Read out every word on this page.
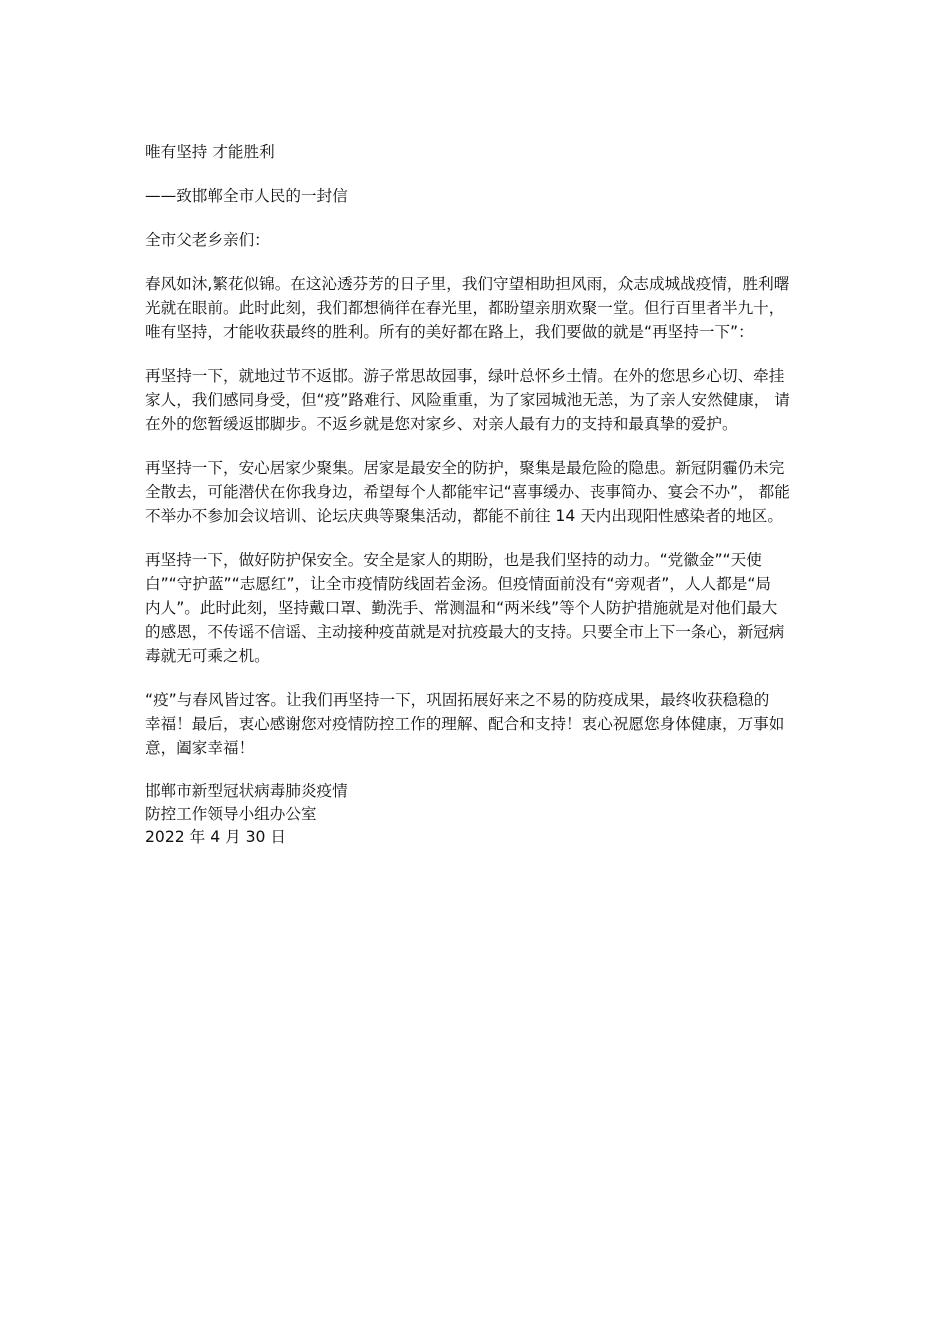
唯有坚持 才能胜利
——致邯郸全市人民的一封信
全市父老乡亲们：
春风如沐,繁花似锦。在这沁透芬芳的日子里，我们守望相助担风雨，众志成城战疫情，胜利曙
光就在眼前。此时此刻，我们都想徜徉在春光里，都盼望亲朋欢聚一堂。但行百里者半九十，
唯有坚持，才能收获最终的胜利。所有的美好都在路上，我们要做的就是“再坚持一下”：
再坚持一下，就地过节不返邯。游子常思故园事，绿叶总怀乡土情。在外的您思乡心切、牵挂
家人，我们感同身受，但“疫”路难行、风险重重，为了家园城池无恙，为了亲人安然健康， 请
在外的您暂缓返邯脚步。不返乡就是您对家乡、对亲人最有力的支持和最真挚的爱护。
再坚持一下，安心居家少聚集。居家是最安全的防护，聚集是最危险的隐患。新冠阴霾仍未完
全散去，可能潜伏在你我身边，希望每个人都能牢记“喜事缓办、丧事简办、宴会不办”， 都能
不举办不参加会议培训、论坛庆典等聚集活动，都能不前往 14 天内出现阳性感染者的地区。
再坚持一下，做好防护保安全。安全是家人的期盼，也是我们坚持的动力。“党徽金”“天使
白”“守护蓝”“志愿红”，让全市疫情防线固若金汤。但疫情面前没有“旁观者”，人人都是“局
内人”。此时此刻，坚持戴口罩、勤洗手、常测温和“两米线”等个人防护措施就是对他们最大
的感恩，不传谣不信谣、主动接种疫苗就是对抗疫最大的支持。只要全市上下一条心，新冠病
毒就无可乘之机。
“疫”与春风皆过客。让我们再坚持一下，巩固拓展好来之不易的防疫成果，最终收获稳稳的
幸福！最后，衷心感谢您对疫情防控工作的理解、配合和支持！衷心祝愿您身体健康，万事如
意，阖家幸福！
邯郸市新型冠状病毒肺炎疫情
防控工作领导小组办公室
2022 年 4 月 30 日
